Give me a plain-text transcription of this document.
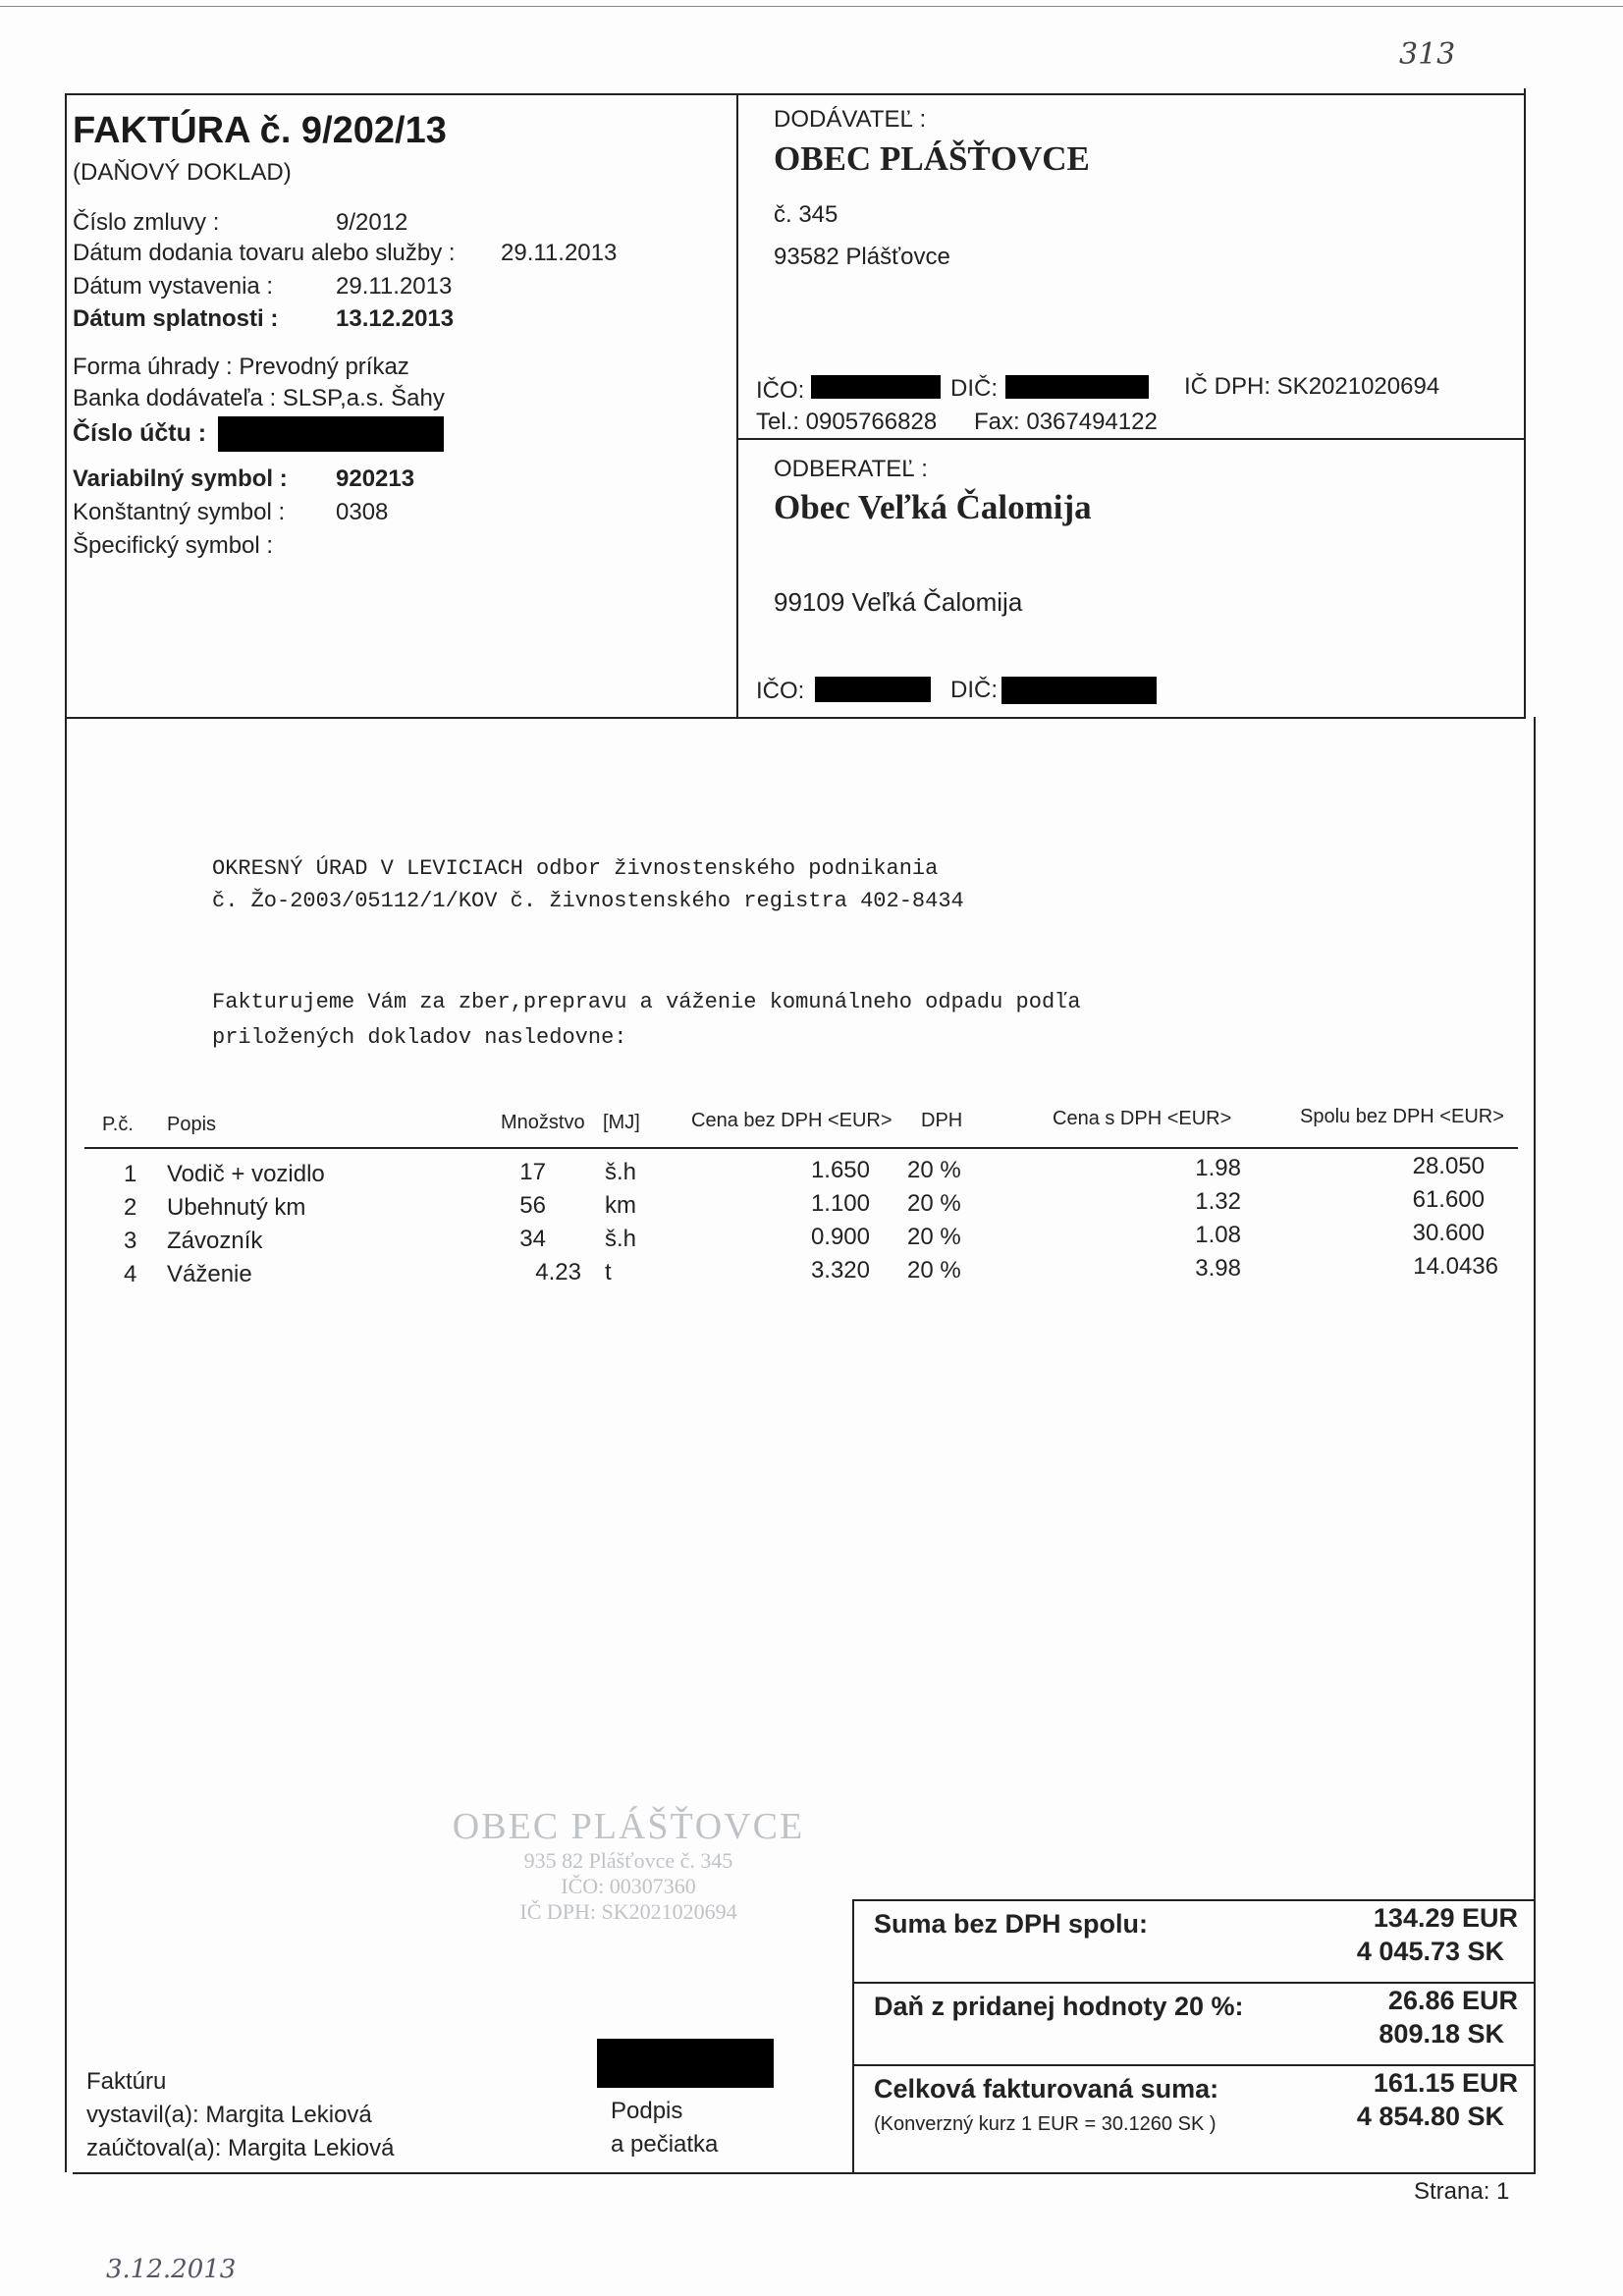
313
FAKTÚRA č. 9/202/13
(DAŇOVÝ DOKLAD)
Číslo zmluvy :	9/2012
Dátum dodania tovaru alebo služby : 29.11.2013
Dátum vystavenia :	29.11.2013
Dátum splatnosti : 13.12.2013
Forma úhrady : Prevodný príkaz
Banka dodávateľa : SLSP,a.s. Šahy
Číslo účtu :
Variabilný symbol : 920213
Konštantný symbol : 0308
Špecifický symbol :
DODÁVATEĽ :
OBEC PLÁŠŤOVCE
č. 345
93582 Plášťovce
IČO:	DIČ:	IČ DPH: SK2021020694
Tel.: 0905766828 Fax: 0367494122
ODBERATEĽ :
Obec Veľká Čalomija
99109 Veľká Čalomija
IČO:	DIČ:
OKRESNÝ ÚRAD V LEVICIACH odbor živnostenského podnikania
č. Žo-2003/05112/1/KOV č. živnostenského registra 402-8434
Fakturujeme Vám za zber,prepravu a váženie komunálneho odpadu podľa
priložených dokladov nasledovne:
P.č. Popis	Množstvo [MJ]	Cena bez DPH <EUR> DPH	Cena s DPH <EUR>	Spolu bez DPH <EUR>
1 Vodič + vozidlo	17	š.h	1.650 20 %	1.98	28.050
2 Ubehnutý km	56	km	1.100 20 %	1.32	61.600
3 Závozník	34	š.h	0.900 20 %	1.08	30.600
4 Váženie	4.23 t	3.320 20 %	3.98	14.0436
OBEC PLÁŠŤOVCE
935 82 Plášťovce č. 345
IČO: 00307360
IČ DPH: SK2021020694	Suma bez DPH spolu:	134.29 EUR
4 045.73 SK
Daň z pridanej hodnoty 20 %:	26.86 EUR
809.18 SK
Celková fakturovaná suma:
(Konverzný kurz 1 EUR = 30.1260 SK )
161.15 EUR
4 854.80 SK
Faktúru
vystavil(a): Margita Lekiová
zaúčtoval(a): Margita Lekiová
Podpis
a pečiatka
Strana: 1
3.12.2013
